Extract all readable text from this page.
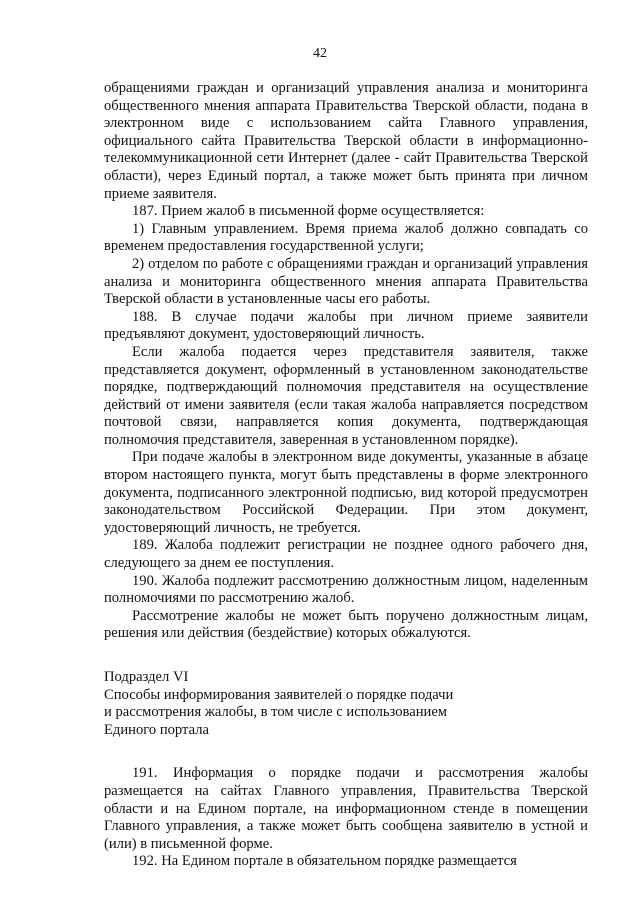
42

обращениями граждан и организаций управления анализа и мониторинга общественного мнения аппарата Правительства Тверской области, подана в электронном виде с использованием сайта Главного управления, официального сайта Правительства Тверской области в информационно-телекоммуникационной сети Интернет (далее - сайт Правительства Тверской области), через Единый портал, а также может быть принята при личном приеме заявителя.

187. Прием жалоб в письменной форме осуществляется:

1) Главным управлением. Время приема жалоб должно совпадать со временем предоставления государственной услуги;

2) отделом по работе с обращениями граждан и организаций управления анализа и мониторинга общественного мнения аппарата Правительства Тверской области в установленные часы его работы.

188. В случае подачи жалобы при личном приеме заявители предъявляют документ, удостоверяющий личность.

Если жалоба подается через представителя заявителя, также представляется документ, оформленный в установленном законодательстве порядке, подтверждающий полномочия представителя на осуществление действий от имени заявителя (если такая жалоба направляется посредством почтовой связи, направляется копия документа, подтверждающая полномочия представителя, заверенная в установленном порядке).

При подаче жалобы в электронном виде документы, указанные в абзаце втором настоящего пункта, могут быть представлены в форме электронного документа, подписанного электронной подписью, вид которой предусмотрен законодательством Российской Федерации. При этом документ, удостоверяющий личность, не требуется.

189. Жалоба подлежит регистрации не позднее одного рабочего дня, следующего за днем ее поступления.

190. Жалоба подлежит рассмотрению должностным лицом, наделенным полномочиями по рассмотрению жалоб.

Рассмотрение жалобы не может быть поручено должностным лицам, решения или действия (бездействие) которых обжалуются.

Подраздел VI

Способы информирования заявителей о порядке подачи

и рассмотрения жалобы, в том числе с использованием

Единого портала

191. Информация о порядке подачи и рассмотрения жалобы размещается на сайтах Главного управления, Правительства Тверской области и на Едином портале, на информационном стенде в помещении Главного управления, а также может быть сообщена заявителю в устной и (или) в письменной форме.

192. На Едином портале в обязательном порядке размещается
